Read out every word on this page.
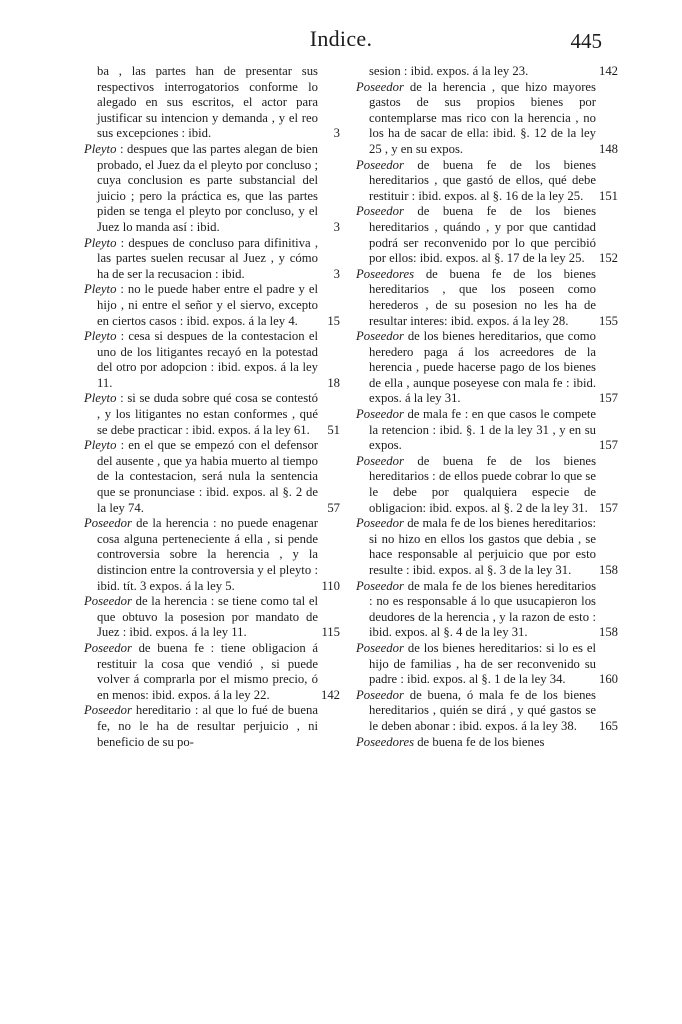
Indice.	445
ba , las partes han de presentar sus respectivos interrogatorios conforme lo alegado en sus escritos, el actor para justificar su intencion y demanda , y el reo sus excepciones : ibid.	3
Pleyto : despues que las partes alegan de bien probado, el Juez da el pleyto por concluso ; cuya conclusion es parte substancial del juicio ; pero la práctica es, que las partes piden se tenga el pleyto por concluso, y el Juez lo manda así : ibid.	3
Pleyto : despues de concluso para difinitiva , las partes suelen recusar al Juez , y cómo ha de ser la recusacion : ibid.	3
Pleyto : no le puede haber entre el padre y el hijo , ni entre el señor y el siervo, excepto en ciertos casos : ibid. expos. á la ley 4.	15
Pleyto : cesa si despues de la contestacion el uno de los litigantes recayó en la potestad del otro por adopcion : ibid. expos. á la ley 11.	18
Pleyto : si se duda sobre qué cosa se contestó , y los litigantes no estan conformes , qué se debe practicar : ibid. expos. á la ley 61.	51
Pleyto : en el que se empezó con el defensor del ausente , que ya habia muerto al tiempo de la contestacion, será nula la sentencia que se pronunciase : ibid. expos. al §. 2 de la ley 74.	57
Poseedor de la herencia : no puede enagenar cosa alguna perteneciente á ella , si pende controversia sobre la herencia , y la distincion entre la controversia y el pleyto : ibid. tít. 3 expos. á la ley 5.	110
Poseedor de la herencia : se tiene como tal el que obtuvo la posesion por mandato de Juez : ibid. expos. á la ley 11.	115
Poseedor de buena fe : tiene obligacion á restituir la cosa que vendió , si puede volver á comprarla por el mismo precio, ó en menos: ibid. expos. á la ley 22.	142
Poseedor hereditario : al que lo fué de buena fe, no le ha de resultar perjuicio , ni beneficio de su po-
sesion : ibid. expos. á la ley 23.	142
Poseedor de la herencia , que hizo mayores gastos de sus propios bienes por contemplarse mas rico con la herencia , no los ha de sacar de ella: ibid. §. 12 de la ley 25 , y en su expos.	148
Poseedor de buena fe de los bienes hereditarios , que gastó de ellos, qué debe restituir : ibid. expos. al §. 16 de la ley 25.	151
Poseedor de buena fe de los bienes hereditarios , quándo , y por que cantidad podrá ser reconvenido por lo que percibió por ellos: ibid. expos. al §. 17 de la ley 25.	152
Poseedores de buena fe de los bienes hereditarios , que los poseen como herederos , de su posesion no les ha de resultar interes: ibid. expos. á la ley 28.	155
Poseedor de los bienes hereditarios, que como heredero paga á los acreedores de la herencia , puede hacerse pago de los bienes de ella , aunque poseyese con mala fe : ibid. expos. á la ley 31.	157
Poseedor de mala fe : en que casos le compete la retencion : ibid. §. 1 de la ley 31 , y en su expos.	157
Poseedor de buena fe de los bienes hereditarios : de ellos puede cobrar lo que se le debe por qualquiera especie de obligacion: ibid. expos. al §. 2 de la ley 31. 157
Poseedor de mala fe de los bienes hereditarios: si no hizo en ellos los gastos que debia , se hace responsable al perjuicio que por esto resulte : ibid. expos. al §. 3 de la ley 31.	158
Poseedor de mala fe de los bienes hereditarios : no es responsable á lo que usucapieron los deudores de la herencia , y la razon de esto : ibid. expos. al §. 4 de la ley 31.	158
Poseedor de los bienes hereditarios: si lo es el hijo de familias , ha de ser reconvenido su padre : ibid. expos. al §. 1 de la ley 34.	160
Poseedor de buena, ó mala fe de los bienes hereditarios , quién se dirá , y qué gastos se le deben abonar : ibid. expos. á la ley 38.	165
Poseedores de buena fe de los bienes
